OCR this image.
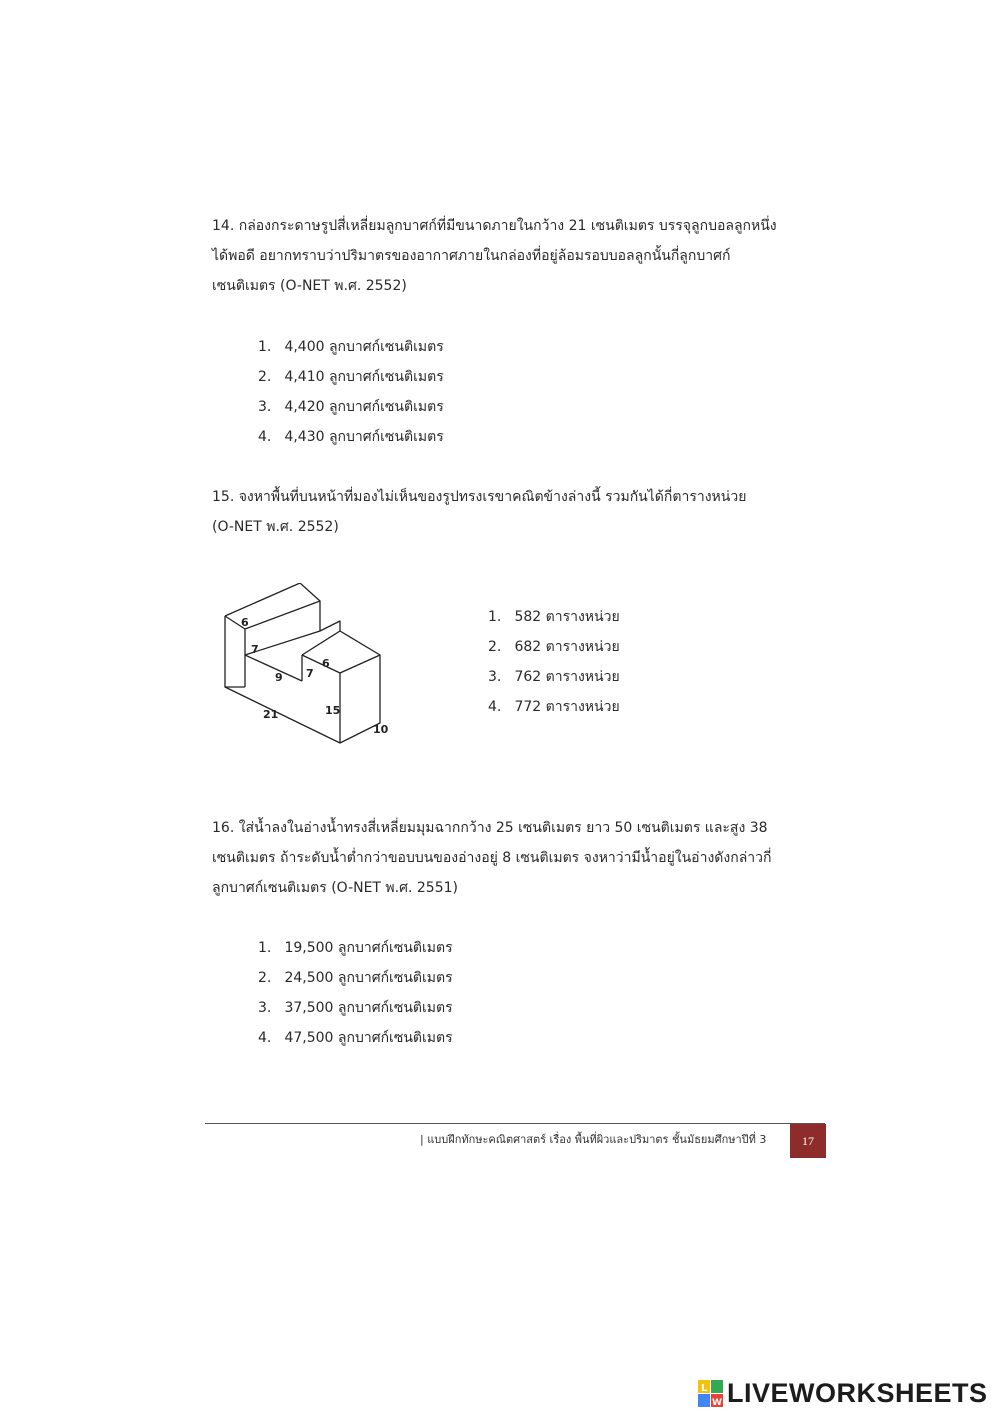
14. กล่องกระดาษรูปสี่เหลี่ยมลูกบาศก์ที่มีขนาดภายในกว้าง 21 เซนติเมตร บรรจุลูกบอลลูกหนึ่ง

ได้พอดี อยากทราบว่าปริมาตรของอากาศภายในกล่องที่อยู่ล้อมรอบบอลลูกนั้นกี่ลูกบาศก์

เซนติเมตร (O-NET พ.ศ. 2552)

1. 4,400 ลูกบาศก์เซนติเมตร
2. 4,410 ลูกบาศก์เซนติเมตร
3. 4,420 ลูกบาศก์เซนติเมตร
4. 4,430 ลูกบาศก์เซนติเมตร

15. จงหาพื้นที่บนหน้าที่มองไม่เห็นของรูปทรงเรขาคณิตข้างล่างนี้ รวมกันได้กี่ตารางหน่วย

(O-NET พ.ศ. 2552)

6
7
9 7
6
21	15
10
1. 582 ตารางหน่วย
2. 682 ตารางหน่วย
3. 762 ตารางหน่วย
4. 772 ตารางหน่วย

16. ใส่น้ำลงในอ่างน้ำทรงสี่เหลี่ยมมุมฉากกว้าง 25 เซนติเมตร ยาว 50 เซนติเมตร และสูง 38

เซนติเมตร ถ้าระดับน้ำต่ำกว่าขอบบนของอ่างอยู่ 8 เซนติเมตร จงหาว่ามีน้ำอยู่ในอ่างดังกล่าวกี่

ลูกบาศก์เซนติเมตร (O-NET พ.ศ. 2551)

1. 19,500 ลูกบาศก์เซนติเมตร
2. 24,500 ลูกบาศก์เซนติเมตร
3. 37,500 ลูกบาศก์เซนติเมตร
4. 47,500 ลูกบาศก์เซนติเมตร
| แบบฝึกทักษะคณิตศาสตร์ เรื่อง พื้นที่ผิวและปริมาตร ชั้นมัธยมศึกษาปีที่ 3	17
L
W LIVEWORKSHEETS
